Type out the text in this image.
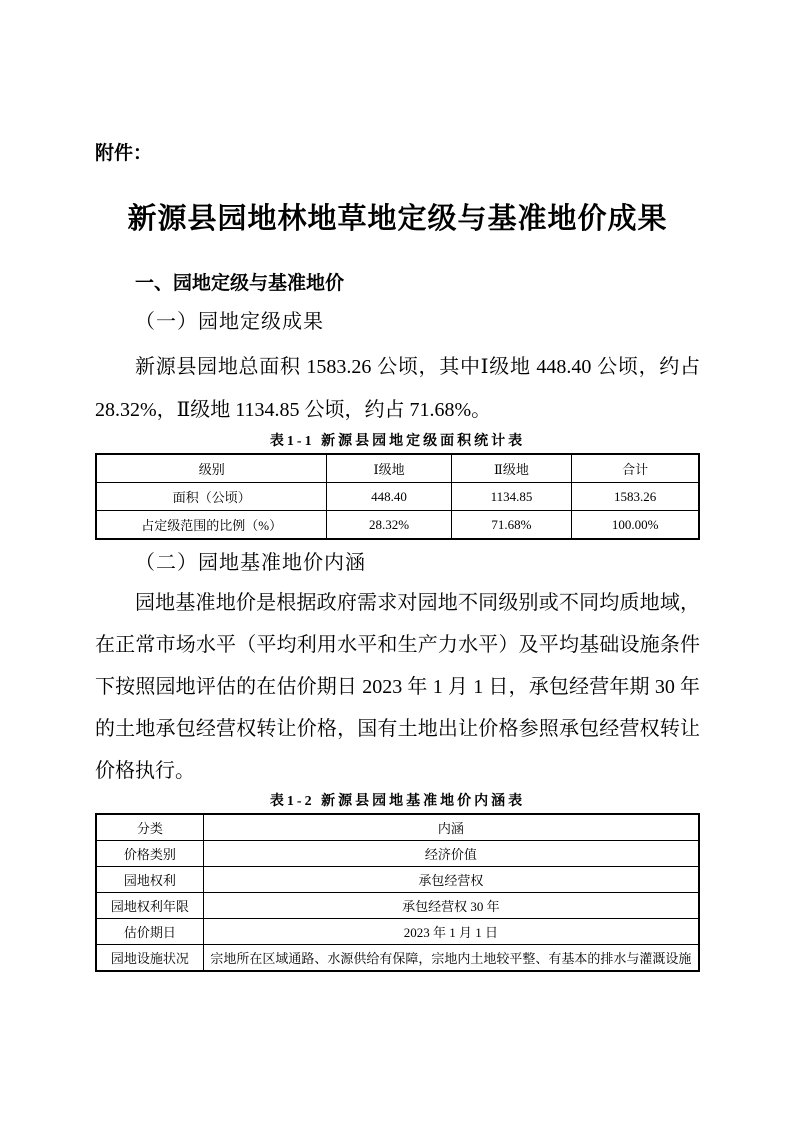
附件：
新源县园地林地草地定级与基准地价成果
一、园地定级与基准地价
（一）园地定级成果

新源县园地总面积 1583.26 公顷，其中Ⅰ级地 448.40 公顷，约占 28.32%，Ⅱ级地 1134.85 公顷，约占 71.68%。

表1-1 新源县园地定级面积统计表
级别	Ⅰ级地	Ⅱ级地	合计
面积（公顷）	448.40	1134.85	1583.26
占定级范围的比例（%）	28.32%	71.68%	100.00%
（二）园地基准地价内涵

园地基准地价是根据政府需求对园地不同级别或不同均质地域，在正常市场水平（平均利用水平和生产力水平）及平均基础设施条件下按照园地评估的在估价期日 2023 年 1 月 1 日，承包经营年期 30 年的土地承包经营权转让价格，国有土地出让价格参照承包经营权转让价格执行。

表1-2 新源县园地基准地价内涵表
分类	内涵
价格类别	经济价值
园地权利	承包经营权
园地权利年限	承包经营权 30 年
估价期日	2023 年 1 月 1 日
园地设施状况	宗地所在区域通路、水源供给有保障，宗地内土地较平整、有基本的排水与灌溉设施
